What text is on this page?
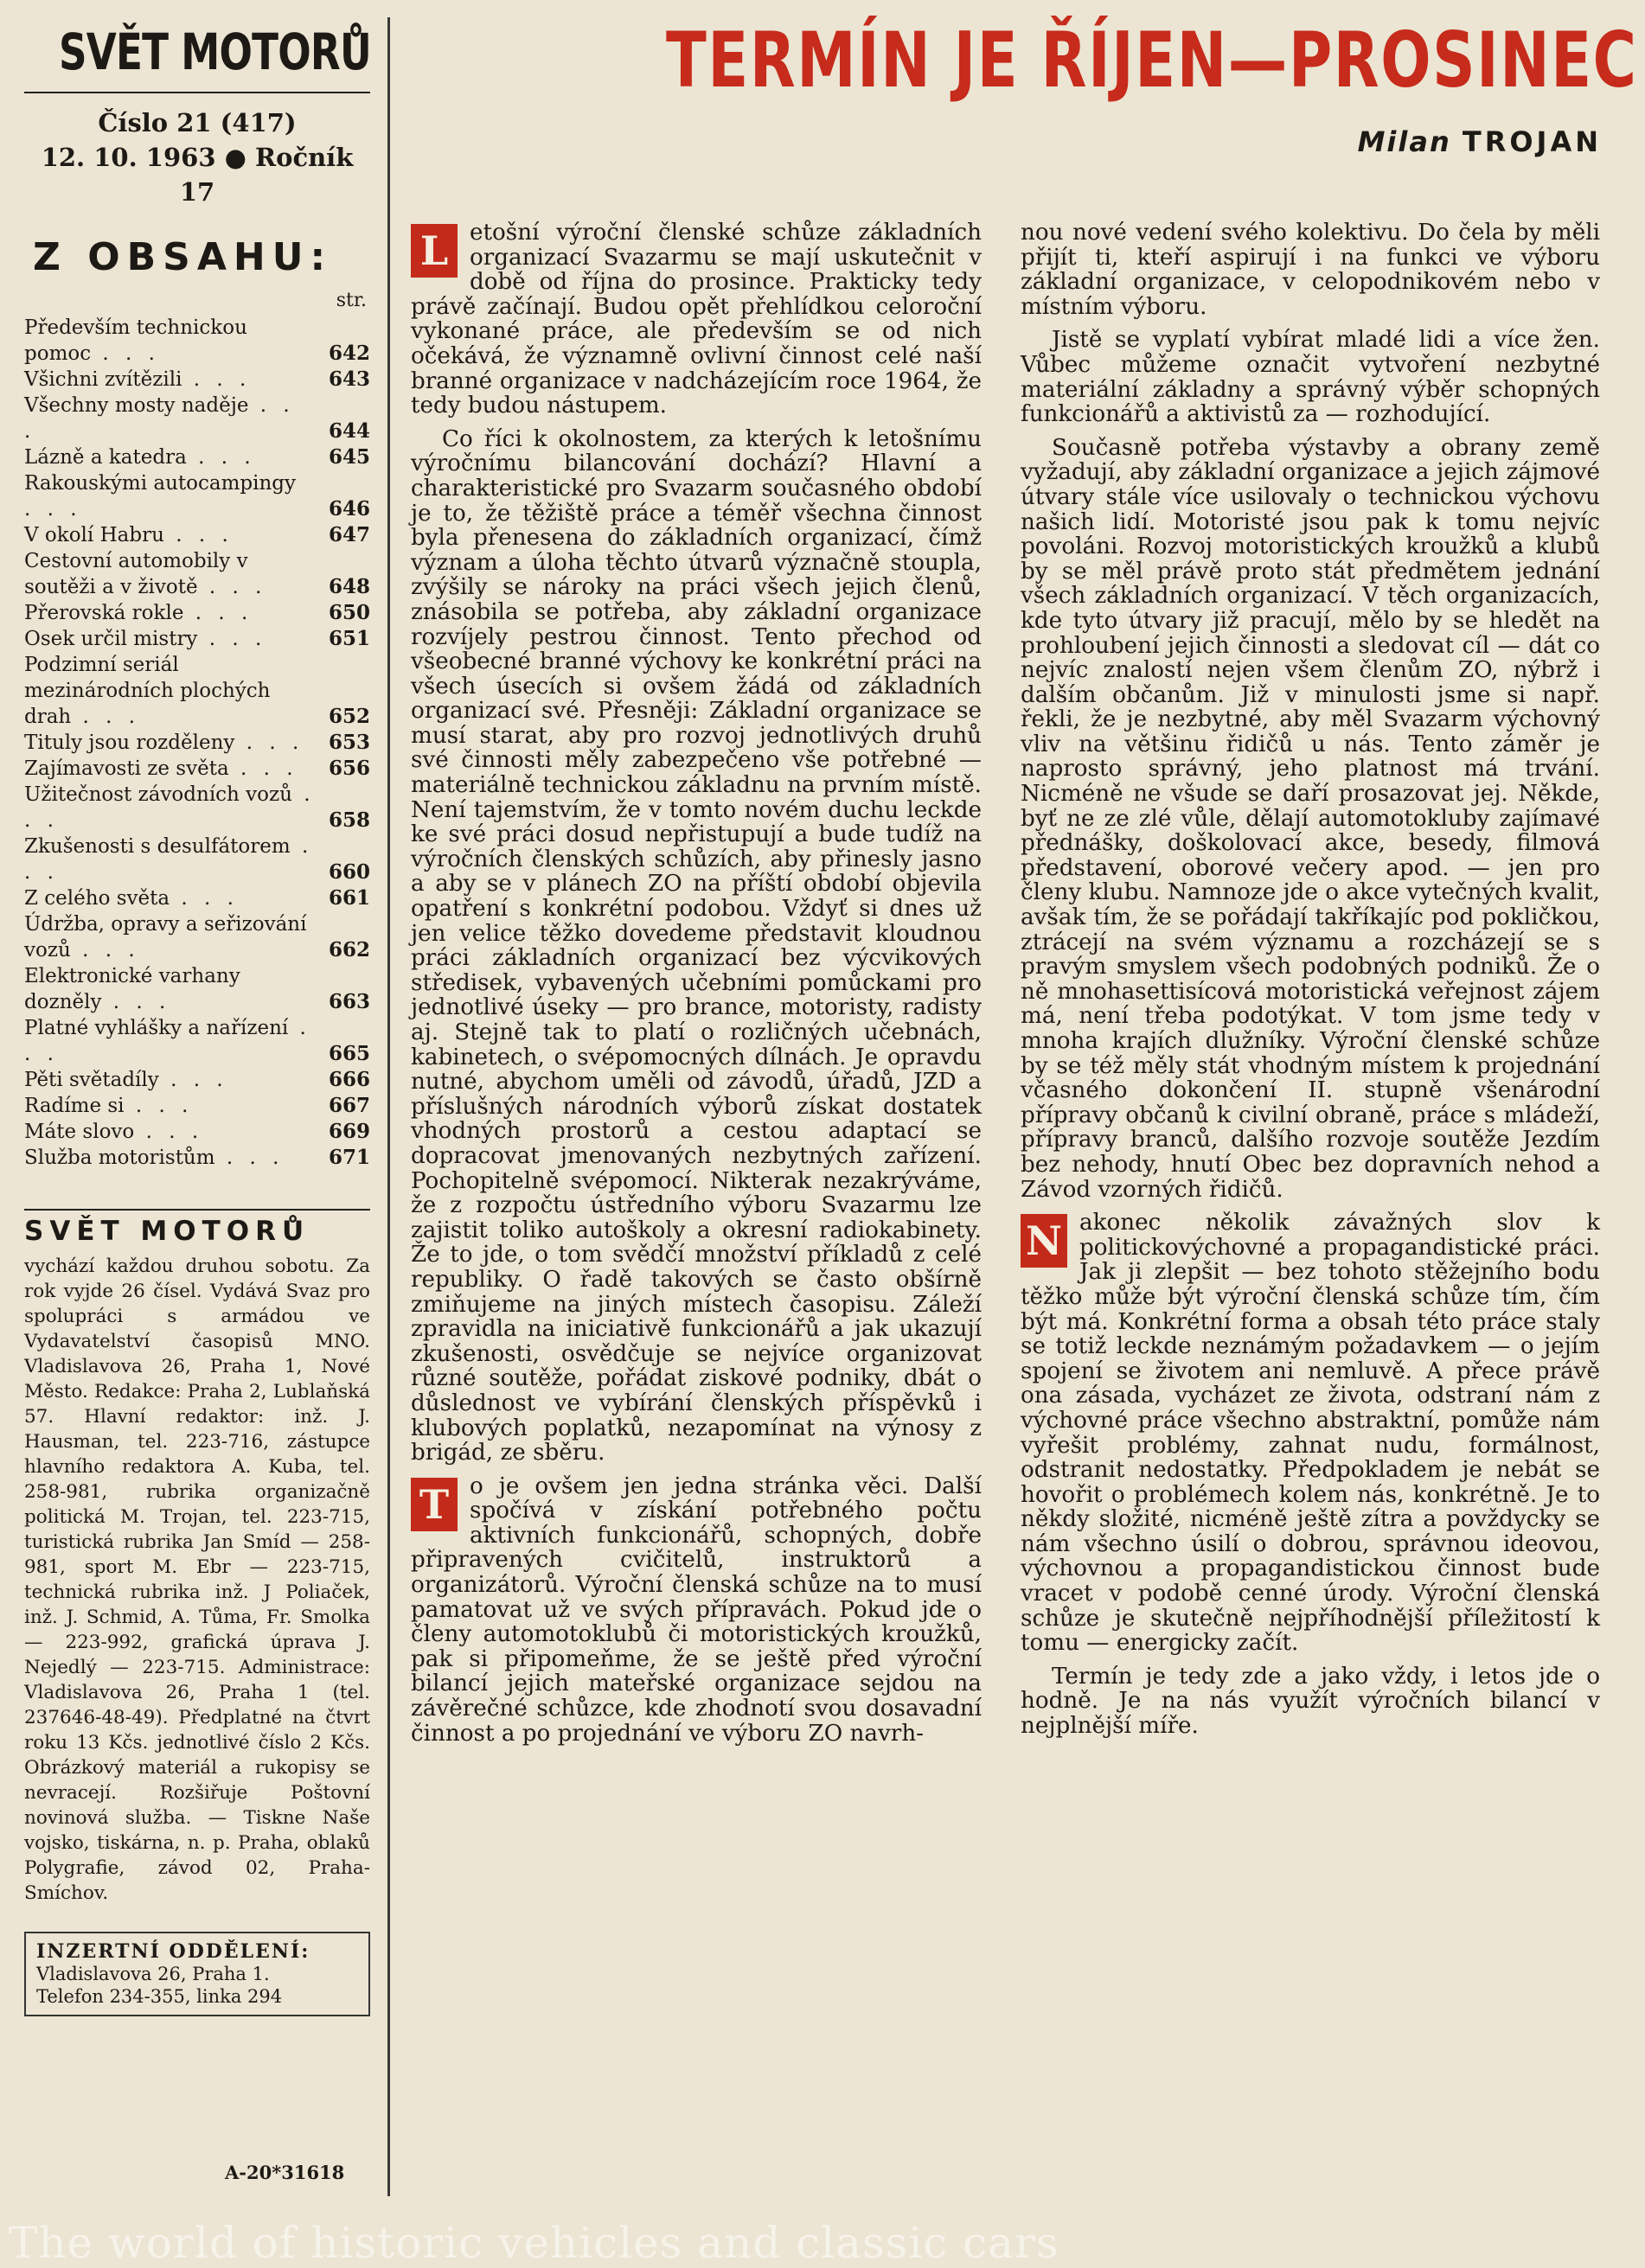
SVĚT MOTORŮ
Číslo 21 (417)
12. 10. 1963 ● Ročník 17
Z OBSAHU:
str.
Především technickou pomoc . . .	642
Všichni zvítězili . . .	643
Všechny mosty naděje . . .	644
Lázně a katedra . . .	645
Rakouskými autocampingy . . .	646
V okolí Habru . . .	647
Cestovní automobily v soutěži a v životě . . .	648
Přerovská rokle . . .	650
Osek určil mistry . . .	651
Podzimní seriál mezinárodních plochých drah . . .	652
Tituly jsou rozděleny . . . 653
Zajímavosti ze světa . . . 656
Užitečnost závodních vozů . . .	658
Zkušenosti s desulfátorem . . .	660
Z celého světa . . .	661
Údržba, opravy a seřizování vozů . . .	662
Elektronické varhany dozněly . . .	663
Platné vyhlášky a nařízení . . .	665
Pěti světadíly . . .	666
Radíme si . . .	667
Máte slovo . . .	669
Služba motoristům . . . 671
SVĚT MOTORŮ
vychází každou druhou sobotu. Za rok vyjde 26 čísel. Vydává Svaz pro spolupráci s armádou ve Vydavatelství časopisů MNO. Vladislavova 26, Praha 1, Nové Město. Redakce: Praha 2, Lublaňská 57. Hlavní redaktor: inž. J. Hausman, tel. 223-716, zástupce hlavního redaktora A. Kuba, tel. 258-981, rubrika organizačně politická M. Trojan, tel. 223-715, turistická rubrika Jan Smíd — 258-981, sport M. Ebr — 223-715, technická rubrika inž. J Poliaček, inž. J. Schmid, A. Tůma, Fr. Smolka — 223-992, grafická úprava J. Nejedlý — 223-715. Administrace: Vladislavova 26, Praha 1 (tel. 237646-48-49). Předplatné na čtvrt roku 13 Kčs. jednotlivé číslo 2 Kčs. Obrázkový materiál a rukopisy se nevracejí. Rozšiřuje Poštovní novinová služba. — Tiskne Naše vojsko, tiskárna, n. p. Praha, oblaků Polygrafie, závod 02, Praha-Smíchov.
INZERTNÍ ODDĚLENÍ:
Vladislavova 26, Praha 1.
Telefon 234-355, linka 294
A-20*31618
TERMÍN JE ŘÍJEN—PROSINEC
Milan TROJAN

L etošní výroční členské schůze základních organizací Svazarmu se mají uskutečnit v době od října do prosince. Prakticky tedy právě začínají. Budou opět přehlídkou celoroční vykonané práce, ale především se od nich očekává, že významně ovlivní činnost celé naší branné organizace v nadcházejícím roce 1964, že tedy budou nástupem.

Co říci k okolnostem, za kterých k letošnímu výročnímu bilancování dochází? Hlavní a charakteristické pro Svazarm současného období je to, že těžiště práce a téměř všechna činnost byla přenesena do základních organizací, čímž význam a úloha těchto útvarů význačně stoupla, zvýšily se nároky na práci všech jejich členů, znásobila se potřeba, aby základní organizace rozvíjely pestrou činnost. Tento přechod od všeobecné branné výchovy ke konkrétní práci na všech úsecích si ovšem žádá od základních organizací své. Přesněji: Základní organizace se musí starat, aby pro rozvoj jednotlivých druhů své činnosti měly zabezpečeno vše potřebné — materiálně technickou základnu na prvním místě. Není tajemstvím, že v tomto novém duchu leckde ke své práci dosud nepřistupují a bude tudíž na výročních členských schůzích, aby přinesly jasno a aby se v plánech ZO na příští období objevila opatření s konkrétní podobou. Vždyť si dnes už jen velice těžko dovedeme představit kloudnou práci základních organizací bez výcvikových středisek, vybavených učebními pomůckami pro jednotlivé úseky — pro brance, motoristy, radisty aj. Stejně tak to platí o rozličných učebnách, kabinetech, o svépomocných dílnách. Je opravdu nutné, abychom uměli od závodů, úřadů, JZD a příslušných národních výborů získat dostatek vhodných prostorů a cestou adaptací se dopracovat jmenovaných nezbytných zařízení. Pochopitelně svépomocí. Nikterak nezakrýváme, že z rozpočtu ústředního výboru Svazarmu lze zajistit toliko autoškoly a okresní radiokabinety. Že to jde, o tom svědčí množství příkladů z celé republiky. O řadě takových se často obšírně zmiňujeme na jiných místech časopisu. Záleží zpravidla na iniciativě funkcionářů a jak ukazují zkušenosti, osvědčuje se nejvíce organizovat různé soutěže, pořádat ziskové podniky, dbát o důslednost ve vybírání členských příspěvků i klubových poplatků, nezapomínat na výnosy z brigád, ze sběru.

T o je ovšem jen jedna stránka věci. Další spočívá v získání potřebného počtu aktivních funkcionářů, schopných, dobře připravených cvičitelů, instruktorů a organizátorů. Výroční členská schůze na to musí pamatovat už ve svých přípravách. Pokud jde o členy automotoklubů či motoristických kroužků, pak si připomeňme, že se ještě před výroční bilancí jejich mateřské organizace sejdou na závěrečné schůzce, kde zhodnotí svou dosavadní činnost a po projednání ve výboru ZO navrh-

nou nové vedení svého kolektivu. Do čela by měli přijít ti, kteří aspirují i na funkci ve výboru základní organizace, v celopodnikovém nebo v místním výboru.

Jistě se vyplatí vybírat mladé lidi a více žen. Vůbec můžeme označit vytvoření nezbytné materiální základny a správný výběr schopných funkcionářů a aktivistů za — rozhodující.

Současně potřeba výstavby a obrany země vyžadují, aby základní organizace a jejich zájmové útvary stále více usilovaly o technickou výchovu našich lidí. Motoristé jsou pak k tomu nejvíc povoláni. Rozvoj motoristických kroužků a klubů by se měl právě proto stát předmětem jednání všech základních organizací. V těch organizacích, kde tyto útvary již pracují, mělo by se hledět na prohloubení jejich činnosti a sledovat cíl — dát co nejvíc znalostí nejen všem členům ZO, nýbrž i dalším občanům. Již v minulosti jsme si např. řekli, že je nezbytné, aby měl Svazarm výchovný vliv na většinu řidičů u nás. Tento záměr je naprosto správný, jeho platnost má trvání. Nicméně ne všude se daří prosazovat jej. Někde, byť ne ze zlé vůle, dělají automotokluby zajímavé přednášky, doškolovací akce, besedy, filmová představení, oborové večery apod. — jen pro členy klubu. Namnoze jde o akce vytečných kvalit, avšak tím, že se pořádají takříkajíc pod pokličkou, ztrácejí na svém významu a rozcházejí se s pravým smyslem všech podobných podniků. Že o ně mnohasettisícová motoristická veřejnost zájem má, není třeba podotýkat. V tom jsme tedy v mnoha krajích dlužníky. Výroční členské schůze by se též měly stát vhodným místem k projednání včasného dokončení II. stupně všenárodní přípravy občanů k civilní obraně, práce s mládeží, přípravy branců, dalšího rozvoje soutěže Jezdím bez nehody, hnutí Obec bez dopravních nehod a Závod vzorných řidičů.

N akonec několik závažných slov k politickovýchovné a propagandistické práci. Jak ji zlepšit — bez tohoto stěžejního bodu těžko může být výroční členská schůze tím, čím být má. Konkrétní forma a obsah této práce staly se totiž leckde neznámým požadavkem — o jejím spojení se životem ani nemluvě. A přece právě ona zásada, vycházet ze života, odstraní nám z výchovné práce všechno abstraktní, pomůže nám vyřešit problémy, zahnat nudu, formálnost, odstranit nedostatky. Předpokladem je nebát se hovořit o problémech kolem nás, konkrétně. Je to někdy složité, nicméně ještě zítra a povždycky se nám všechno úsilí o dobrou, správnou ideovou, výchovnou a propagandistickou činnost bude vracet v podobě cenné úrody. Výroční členská schůze je skutečně nejpříhodnější příležitostí k tomu — energicky začít.

Termín je tedy zde a jako vždy, i letos jde o hodně. Je na nás využít výročních bilancí v nejplnější míře.

The world of historic vehicles and classic cars
